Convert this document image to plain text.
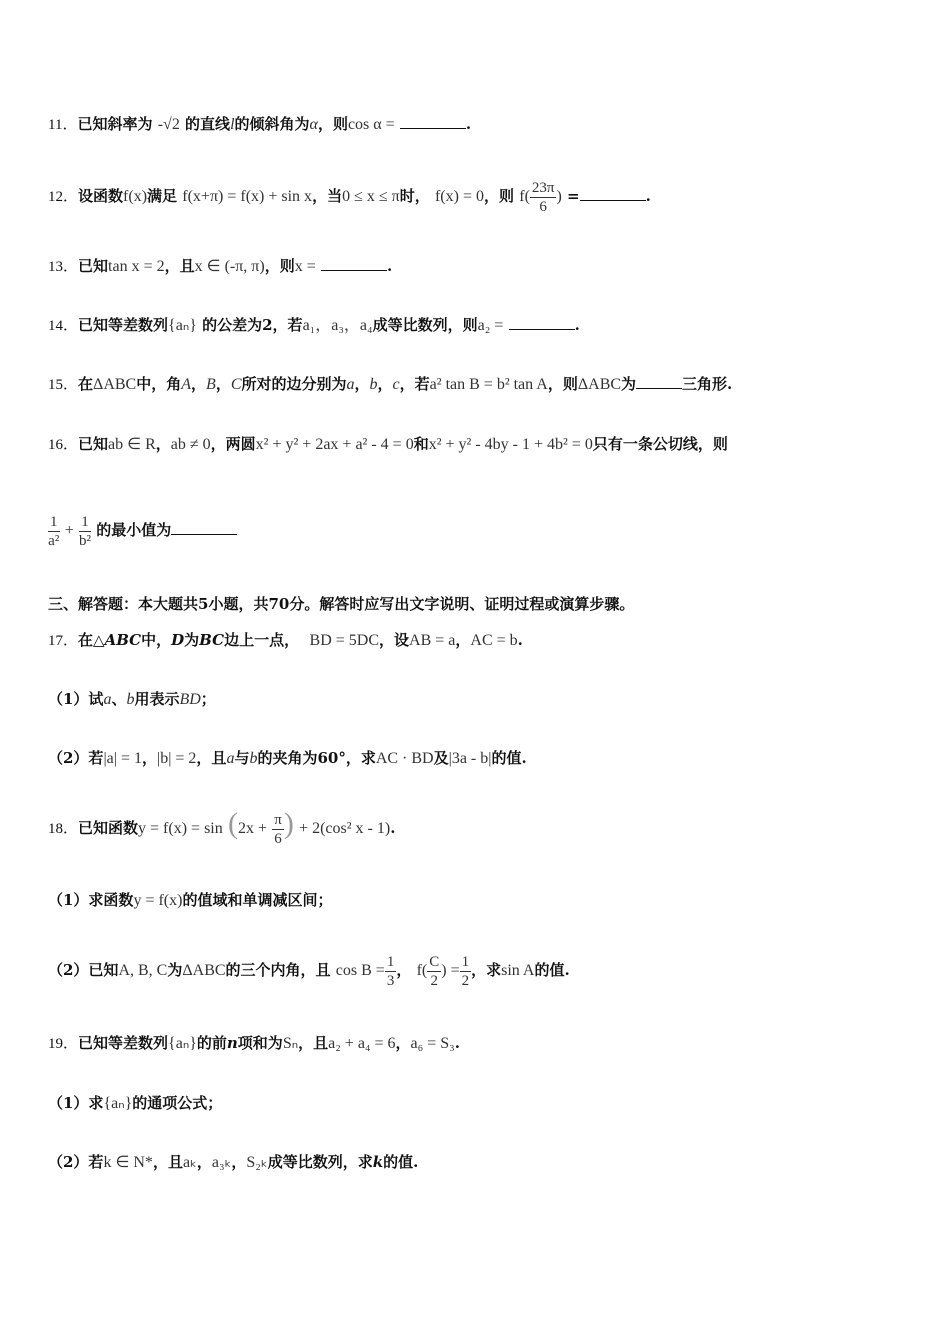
11．已知斜率为 -√2 的直线l的倾斜角为α，则cos α =	.
12．设函数f(x)满足 f(x+π) = f(x) + sin x，当0 ≤ x ≤ π时， f(x) = 0，则 $f( \frac{23\pi}{6}$ ) =	.
13．已知tan x = 2，且x ∈ (-π, π)，则x =	.
14．已知等差数列{aₙ} 的公差为2，若a₁，a₃，a₄成等比数列，则a₂ =	.
15．在ΔABC中，角A，B，C所对的边分别为a，b，c，若a² tan B = b² tan A，则ΔABC为	三角形.
16．已知ab ∈ R，ab ≠ 0，两圆x² + y² + 2ax + a² - 4 = 0和x² + y² - 4by - 1 + 4b² = 0只有一条公切线，则
$\frac{1}{\text{a²}} + \frac{1}{\text{b²}}$ 的最小值为
三、解答题：本大题共5小题，共70分。解答时应写出文字说明、证明过程或演算步骤。
17．在△ABC中，D为BC边上一点， BD = 5DC，设AB = a，AC = b.
（1）试a、b用表示BD；
（2）若|a| = 1，|b| = 2，且a与b的夹角为60°，求AC · BD及|3a - b|的值.
18．已知函数$y = f(x) = \sin (2x + \frac{\pi}{6}$ ) + 2(cos² x - 1).
（1）求函数y = f(x)的值域和单调减区间；
（2）已知A, B, C为ΔABC的三个内角，且 $\cos B = \frac{1}{3}$ ， $f( \frac{C}{2}$ ) = $\frac{1}{2}$ ，求sin A的值.
19．已知等差数列{aₙ}的前n项和为Sₙ，且a₂ + a₄ = 6，a₆ = S₃.
（1）求{aₙ}的通项公式；
（2）若k ∈ N*，且aₖ，a₃ₖ，S₂ₖ成等比数列，求k的值.
